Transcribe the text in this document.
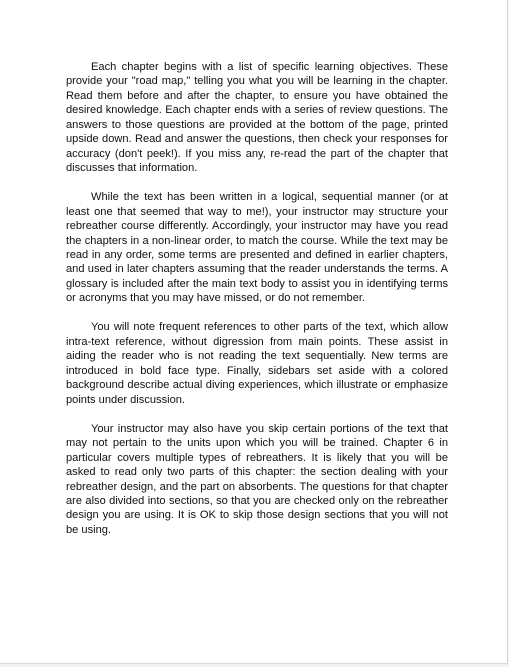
Each chapter begins with a list of specific learning objectives. These provide your "road map," telling you what you will be learning in the chapter. Read them before and after the chapter, to ensure you have obtained the desired knowledge. Each chapter ends with a series of review questions. The answers to those questions are provided at the bottom of the page, printed upside down. Read and answer the questions, then check your responses for accuracy (don't peek!). If you miss any, re-read the part of the chapter that discusses that information.

While the text has been written in a logical, sequential manner (or at least one that seemed that way to me!), your instructor may structure your rebreather course differently. Accordingly, your instructor may have you read the chapters in a non-linear order, to match the course. While the text may be read in any order, some terms are presented and defined in earlier chapters, and used in later chapters assuming that the reader understands the terms. A glossary is included after the main text body to assist you in identifying terms or acronyms that you may have missed, or do not remember.

You will note frequent references to other parts of the text, which allow intra-text reference, without digression from main points. These assist in aiding the reader who is not reading the text sequentially. New terms are introduced in bold face type. Finally, sidebars set aside with a colored background describe actual diving experiences, which illustrate or emphasize points under discussion.

Your instructor may also have you skip certain portions of the text that may not pertain to the units upon which you will be trained. Chapter 6 in particular covers multiple types of rebreathers. It is likely that you will be asked to read only two parts of this chapter: the section dealing with your rebreather design, and the part on absorbents. The questions for that chapter are also divided into sections, so that you are checked only on the rebreather design you are using. It is OK to skip those design sections that you will not be using.
